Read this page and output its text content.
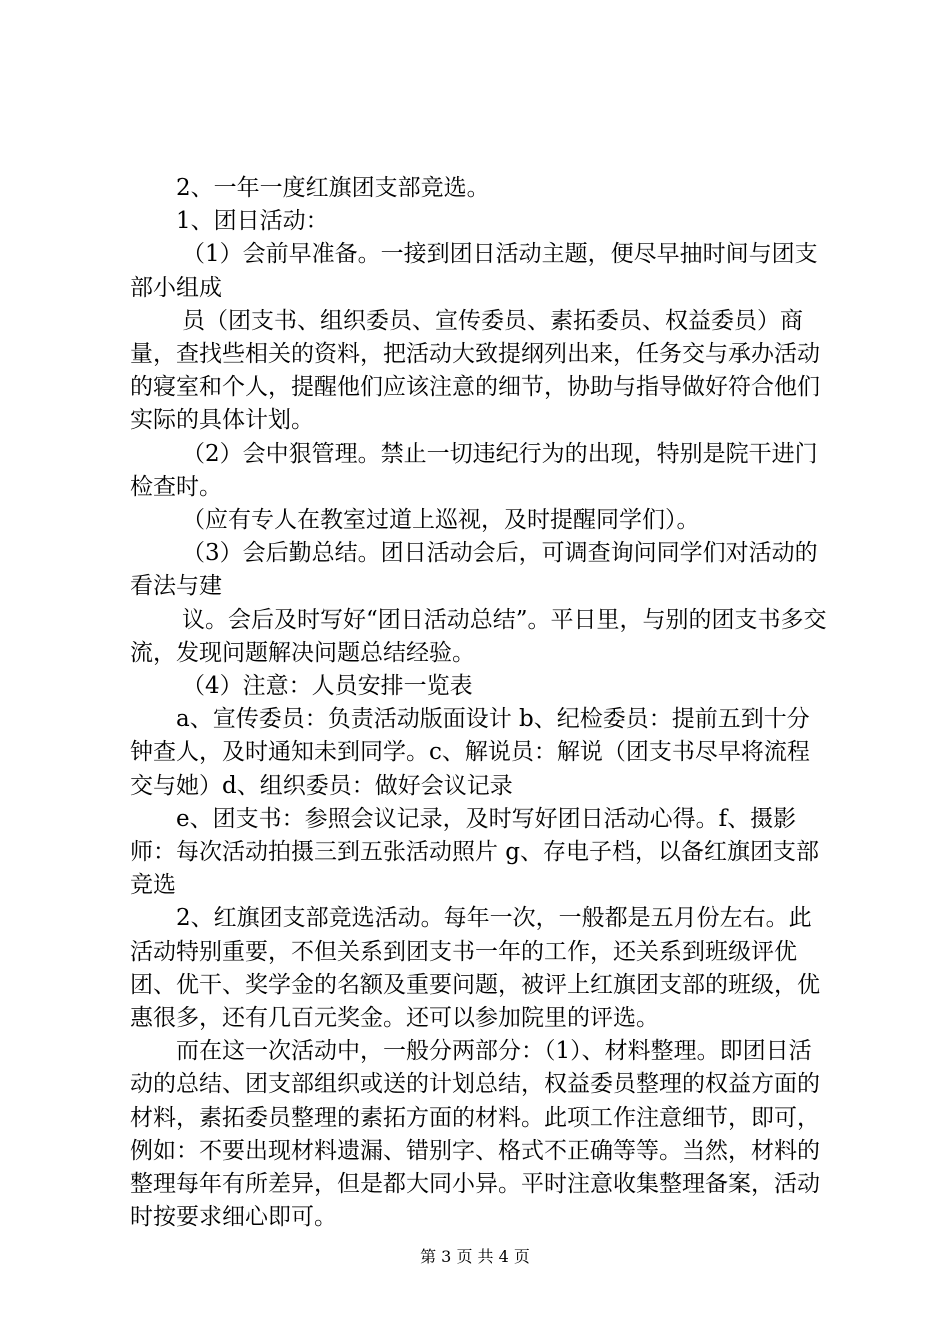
2、一年一度红旗团支部竞选。

1、团日活动：

（1）会前早准备。一接到团日活动主题，便尽早抽时间与团支部小组成

员（团支书、组织委员、宣传委员、素拓委员、权益委员）商量，查找些相关的资料，把活动大致提纲列出来，任务交与承办活动的寝室和个人，提醒他们应该注意的细节，协助与指导做好符合他们实际的具体计划。

（2）会中狠管理。禁止一切违纪行为的出现，特别是院干进门检查时。

（应有专人在教室过道上巡视，及时提醒同学们）。

（3）会后勤总结。团日活动会后，可调查询问同学们对活动的看法与建

议。会后及时写好“团日活动总结”。平日里，与别的团支书多交流，发现问题解决问题总结经验。

（4）注意：人员安排一览表

a、宣传委员：负责活动版面设计 b、纪检委员：提前五到十分钟查人，及时通知未到同学。c、解说员：解说（团支书尽早将流程交与她）d、组织委员：做好会议记录

e、团支书：参照会议记录，及时写好团日活动心得。f、摄影师：每次活动拍摄三到五张活动照片 g、存电子档，以备红旗团支部竞选

2、红旗团支部竞选活动。每年一次，一般都是五月份左右。此活动特别重要，不但关系到团支书一年的工作，还关系到班级评优团、优干、奖学金的名额及重要问题，被评上红旗团支部的班级，优惠很多，还有几百元奖金。还可以参加院里的评选。

而在这一次活动中，一般分两部分：（1）、材料整理。即团日活动的总结、团支部组织或送的计划总结，权益委员整理的权益方面的材料，素拓委员整理的素拓方面的材料。此项工作注意细节，即可，例如：不要出现材料遗漏、错别字、格式不正确等等。当然，材料的整理每年有所差异，但是都大同小异。平时注意收集整理备案，活动时按要求细心即可。

第 3 页 共 4 页
